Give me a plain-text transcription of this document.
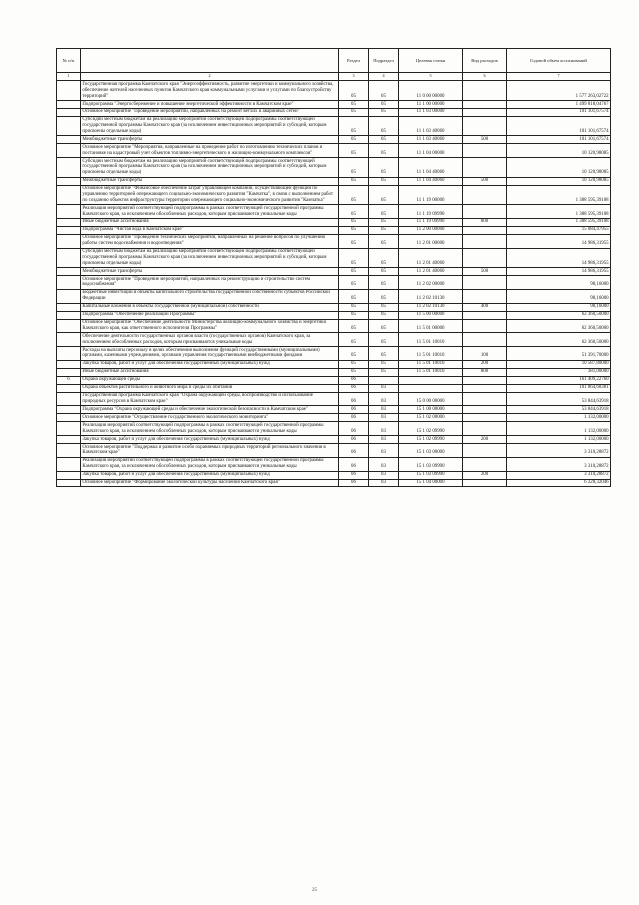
№ п/п		Раздел	Подраздел	Целевая статья	Вид расходов	Годовой объем ассигнований
1	2	3	4	5	6	7
	Государственная программа Камчатского края "Энергоэффективность, развитие энергетики и коммунального хозяйства, обеспечение жителей населенных пунктов Камчатского края коммунальными услугами и услугами по благоустройству территорий"	05	05	11 0 00 00000		1 577 263,02722
	Подпрограмма "Энергосбережение и повышение энергетической эффективности в Камчатском крае"	05	05	11 1 00 00000		1 499 818,04767
	Основное мероприятие "Проведение мероприятий, направленных на ремонт ветхих и аварийных сетей"	05	05	11 1 03 00000		101 101,67574
	Субсидии местным бюджетам на реализацию мероприятий соответствующей подпрограммы соответствующей государственной программы Камчатского края (за исключением инвестиционных мероприятий и субсидий, которым присвоены отдельные коды)	05	05	11 1 03 40060		101 101,67574
	Межбюджетные трансферты	05	05	11 1 03 40060	500	101 101,67574
	Основное мероприятие "Мероприятия, направленные на проведение работ по изготовлению технических планов и постановке на кадастровый учет объектов топливно-энергетического и жилищно-коммунального комплексов"	05	05	11 1 04 00000		10 120,98085
	Субсидии местным бюджетам на реализацию мероприятий соответствующей подпрограммы соответствующей государственной программы Камчатского края (за исключением инвестиционных мероприятий и субсидий, которым присвоены отдельные коды)	05	05	11 1 04 40060		10 120,98085
	Межбюджетные трансферты	05	05	11 1 04 40060	500	10 120,98085
	Основное мероприятие "Финансовое обеспечение затрат управляющей компании, осуществляющей функции по управлению территорией опережающего социально-экономического развития "Камчатка", в связи с выполнением работ по созданию объектов инфраструктуры территории опережающего социально-экономического развития "Камчатка"	05	05	11 1 19 00000		1 388 595,39108
	Реализация мероприятий соответствующей подпрограммы в рамках соответствующей государственной программы Камчатского края, за исключением обособленных расходов, которым присваиваются уникальные коды	05	05	11 1 19 09990		1 388 595,39108
	Иные бюджетные ассигнования	05	05	11 1 19 09990	800	1 388 595,39108
	Подпрограмма "Чистая вода в Камчатском крае"	05	05	11 2 00 00000		15 084,47955
	Основное мероприятие "Проведение технических мероприятий, направленных на решение вопросов по улучшению работы систем водоснабжения и водоотведения"	05	05	11 2 01 00000		14 986,31955
	Субсидии местным бюджетам на реализацию мероприятий соответствующей подпрограммы соответствующей государственной программы Камчатского края (за исключением инвестиционных мероприятий и субсидий, которым присвоены отдельные коды)	05	05	11 2 01 40060		14 986,31955
	Межбюджетные трансферты	05	05	11 2 01 40060	500	14 986,31955
	Основное мероприятие "Проведение мероприятий, направленных на реконструкцию и строительство систем водоснабжения"	05	05	11 2 02 00000		98,16000
	Бюджетные инвестиции в объекты капитального строительства государственной собственности субъектов Российской Федерации	05	05	11 2 02 10130		98,16000
	Капитальные вложения в объекты государственной (муниципальной) собственности	05	05	11 2 02 10130	400	98,16000
	Подпрограмма "Обеспечение реализации Программы"	05	05	11 5 00 00000		62 360,50000
	Основное мероприятие "Обеспечение деятельности Министерства жилищно-коммунального хозяйства и энергетики Камчатского края, как ответственного исполнителя Программы"	05	05	11 5 01 00000		62 360,50000
	Обеспечение деятельности государственных органов власти (государственных органов) Камчатского края, за исключением обособленных расходов, которым присваиваются уникальные коды	05	05	11 5 01 10010		62 360,50000
	Расходы на выплаты персоналу в целях обеспечения выполнения функций государственными (муниципальными) органами, казенными учреждениями, органами управления государственными внебюджетными фондами	05	05	11 5 01 10010	100	51 391,70000
	Закупка товаров, работ и услуг для обеспечения государственных (муниципальных) нужд	05	05	11 5 01 10010	200	10 587,80000
	Иные бюджетные ассигнования	05	05	11 5 01 10010	800	381,00000
6	Охрана окружающей среды	06				161 409,22760
	Охрана объектов растительного и животного мира и среды их обитания	06	03			101 864,68381
	Государственная программа Камчатского края "Охрана окружающей среды, воспроизводство и использование природных ресурсов в Камчатском крае"	06	03	15 0 00 00000		53 844,63918
	Подпрограмма "Охрана окружающей среды и обеспечение экологической безопасности в Камчатском крае"	06	03	15 1 00 00000		53 844,63918
	Основное мероприятие "Осуществление государственного экологического мониторинга"	06	03	15 1 02 00000		1 132,00000
	Реализация мероприятий соответствующей подпрограммы в рамках соответствующей государственной программы Камчатского края, за исключением обособленных расходов, которым присваиваются уникальные коды	06	03	15 1 02 09990		1 132,00000
	Закупка товаров, работ и услуг для обеспечения государственных (муниципальных) нужд	06	03	15 1 02 09990	200	1 132,00000
	Основное мероприятие "Поддержка и развитие особо охраняемых природных территорий регионального значения в Камчатском крае"	06	03	15 1 03 00000		3 310,28872
	Реализация мероприятий соответствующей подпрограммы в рамках соответствующей государственной программы Камчатского края, за исключением обособленных расходов, которым присваиваются уникальные коды	06	03	15 1 03 09990		3 310,28872
	Закупка товаров, работ и услуг для обеспечения государственных (муниципальных) нужд	06	03	15 1 03 09990	200	3 310,28872
	Основное мероприятие "Формирование экологической культуры населения Камчатского края"	06	03	15 1 04 00000		6 228,32046
25
